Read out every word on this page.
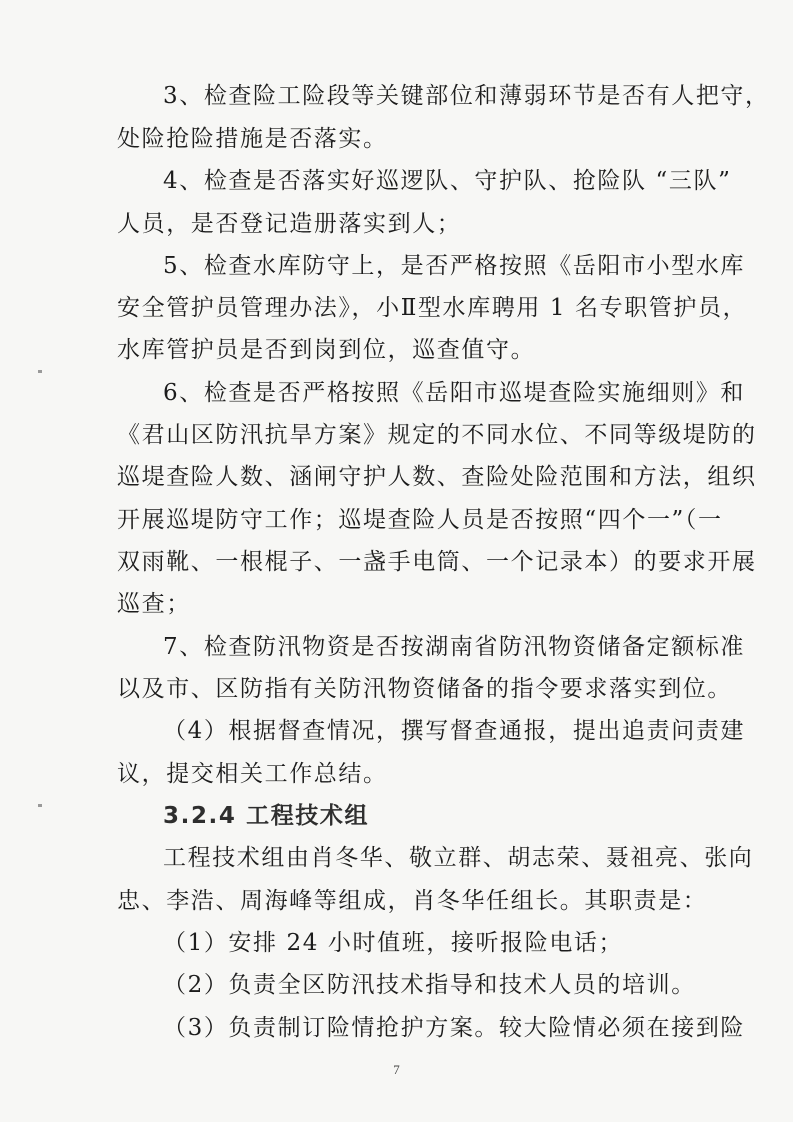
3、检查险工险段等关键部位和薄弱环节是否有人把守，
处险抢险措施是否落实。
4、检查是否落实好巡逻队、守护队、抢险队 “三队”
人员，是否登记造册落实到人；
5、检查水库防守上，是否严格按照《岳阳市小型水库
安全管护员管理办法》，小Ⅱ型水库聘用 1 名专职管护员，
水库管护员是否到岗到位，巡查值守。
6、检查是否严格按照《岳阳市巡堤查险实施细则》和
《君山区防汛抗旱方案》规定的不同水位、不同等级堤防的
巡堤查险人数、涵闸守护人数、查险处险范围和方法，组织
开展巡堤防守工作；巡堤查险人员是否按照“四个一”（一
双雨靴、一根棍子、一盏手电筒、一个记录本）的要求开展
巡查；
7、检查防汛物资是否按湖南省防汛物资储备定额标准
以及市、区防指有关防汛物资储备的指令要求落实到位。
（4）根据督查情况，撰写督查通报，提出追责问责建
议，提交相关工作总结。
3.2.4 工程技术组
工程技术组由肖冬华、敬立群、胡志荣、聂祖亮、张向
忠、李浩、周海峰等组成，肖冬华任组长。其职责是：
（1）安排 24 小时值班，接听报险电话；
（2）负责全区防汛技术指导和技术人员的培训。
（3）负责制订险情抢护方案。较大险情必须在接到险
7
